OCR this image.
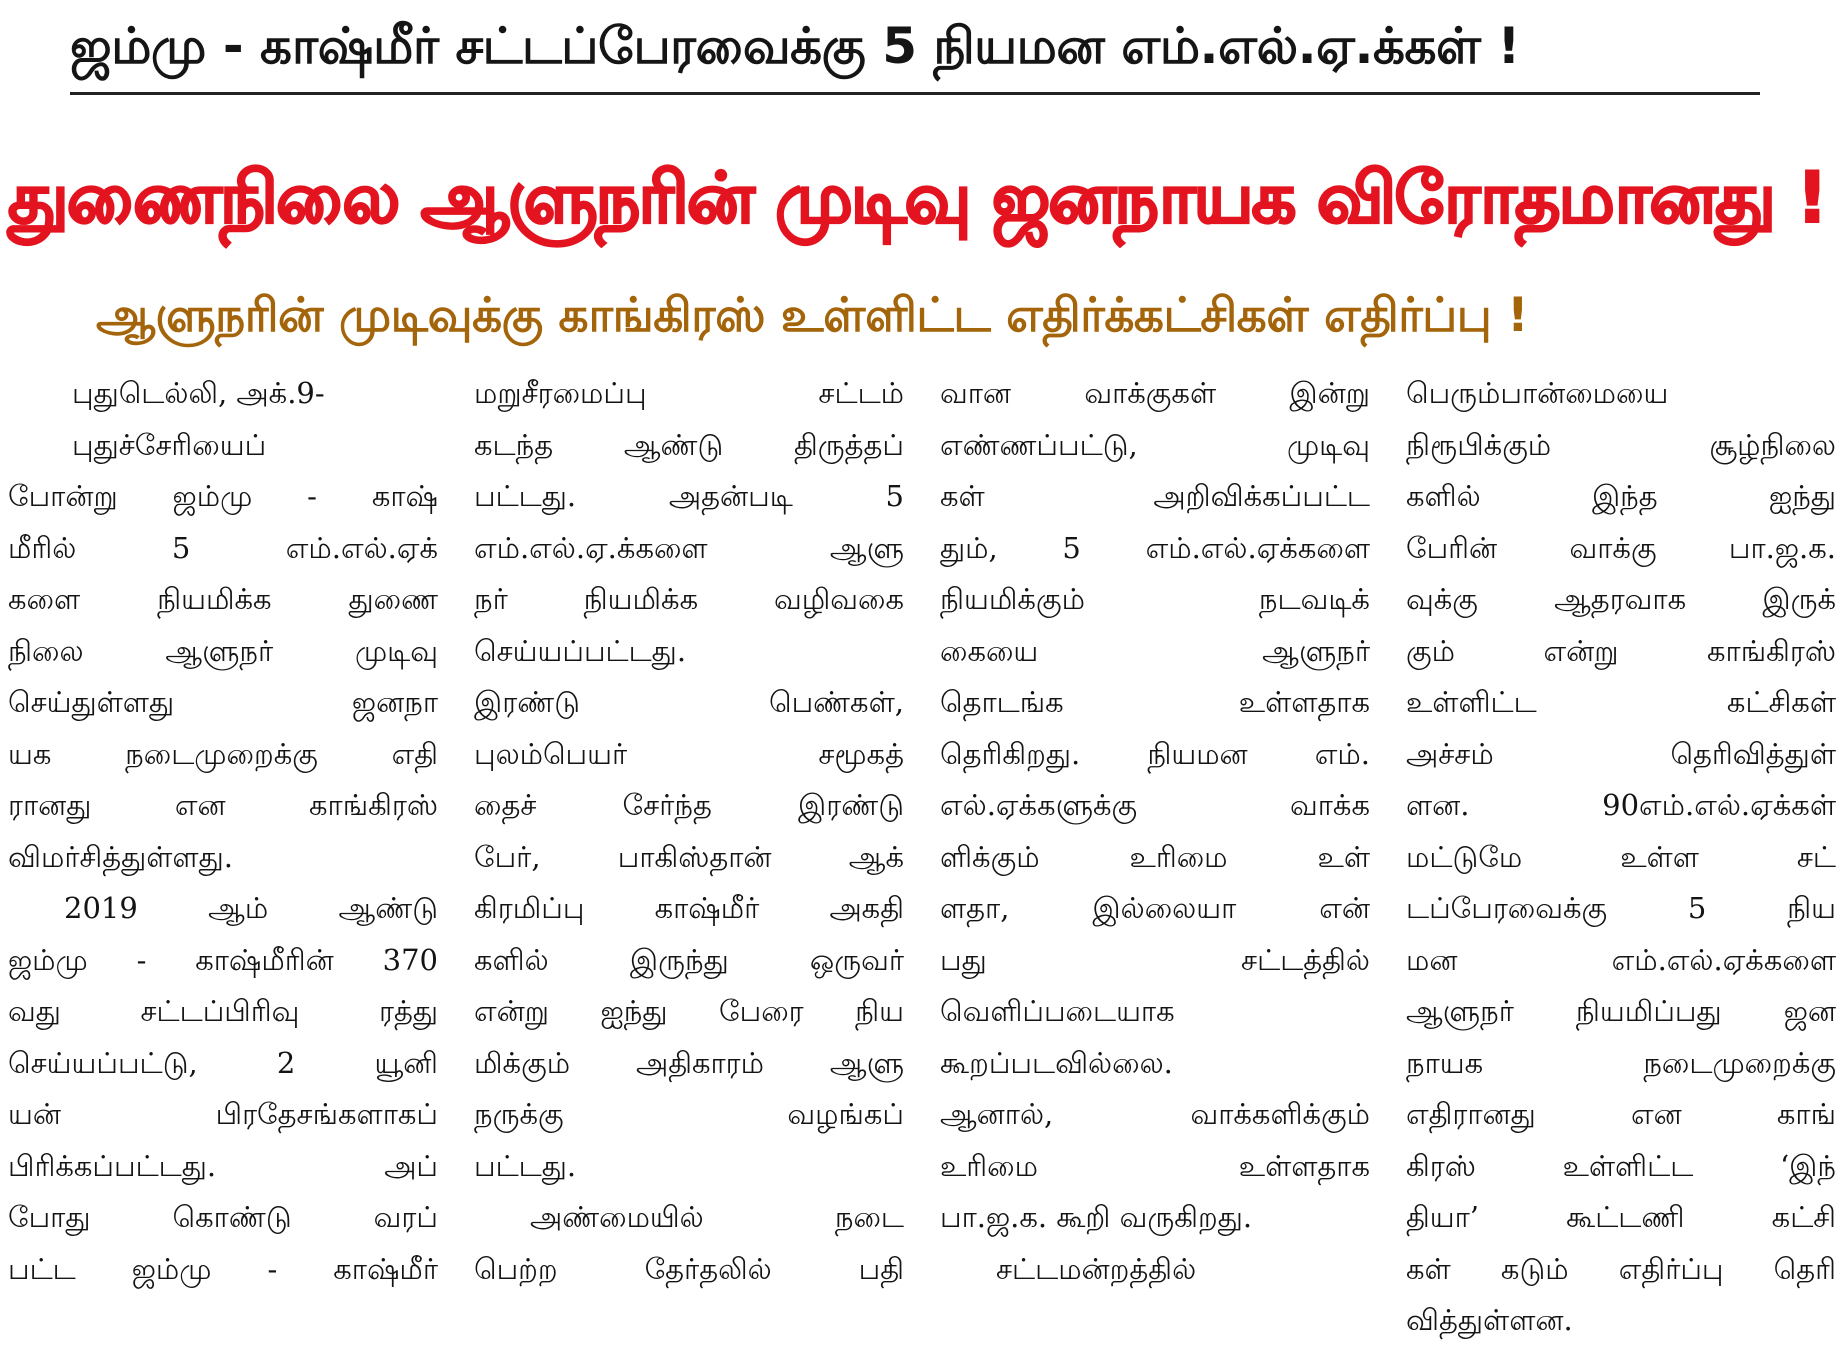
ஜம்மு - காஷ்மீர் சட்டப்பேரவைக்கு 5 நியமன எம்.எல்.ஏ.க்கள் !
துணைநிலை ஆளுநரின் முடிவு ஜனநாயக விரோதமானது !
ஆளுநரின் முடிவுக்கு காங்கிரஸ் உள்ளிட்ட எதிர்க்கட்சிகள் எதிர்ப்பு !
புதுடெல்லி, அக்.9-
புதுச்சேரியைப்
போன்று ஜம்மு - காஷ்
மீரில் 5 எம்.எல்.ஏக்
களை நியமிக்க துணை
நிலை ஆளுநர் முடிவு
செய்துள்ளது ஜனநா
யக நடைமுறைக்கு எதி
ரானது என காங்கிரஸ்
விமர்சித்துள்ளது.
2019 ஆம் ஆண்டு
ஜம்மு - காஷ்மீரின் 370
வது சட்டப்பிரிவு ரத்து
செய்யப்பட்டு, 2 யூனி
யன் பிரதேசங்களாகப்
பிரிக்கப்பட்டது. அப்
போது கொண்டு வரப்
பட்ட ஜம்மு - காஷ்மீர்
மறுசீரமைப்பு சட்டம்
கடந்த ஆண்டு திருத்தப்
பட்டது. அதன்படி 5
எம்.எல்.ஏ.க்களை ஆளு
நர் நியமிக்க வழிவகை
செய்யப்பட்டது.
இரண்டு பெண்கள்,
புலம்பெயர் சமூகத்
தைச் சேர்ந்த இரண்டு
பேர், பாகிஸ்தான் ஆக்
கிரமிப்பு காஷ்மீர் அகதி
களில் இருந்து ஒருவர்
என்று ஐந்து பேரை நிய
மிக்கும் அதிகாரம் ஆளு
நருக்கு வழங்கப்
பட்டது.
அண்மையில் நடை
பெற்ற தேர்தலில் பதி
வான வாக்குகள் இன்று
எண்ணப்பட்டு, முடிவு
கள் அறிவிக்கப்பட்ட
தும், 5 எம்.எல்.ஏக்களை
நியமிக்கும் நடவடிக்
கையை ஆளுநர்
தொடங்க உள்ளதாக
தெரிகிறது. நியமன எம்.
எல்.ஏக்களுக்கு வாக்க
ளிக்கும் உரிமை உள்
ளதா, இல்லையா என்
பது சட்டத்தில்
வெளிப்படையாக
கூறப்படவில்லை.
ஆனால், வாக்களிக்கும்
உரிமை உள்ளதாக
பா.ஜ.க. கூறி வருகிறது.
சட்டமன்றத்தில்
பெரும்பான்மையை
நிரூபிக்கும் சூழ்நிலை
களில் இந்த ஐந்து
பேரின் வாக்கு பா.ஜ.க.
வுக்கு ஆதரவாக இருக்
கும் என்று காங்கிரஸ்
உள்ளிட்ட கட்சிகள்
அச்சம் தெரிவித்துள்
ளன. 90எம்.எல்.ஏக்கள்
மட்டுமே உள்ள சட்
டப்பேரவைக்கு 5 நிய
மன எம்.எல்.ஏக்களை
ஆளுநர் நியமிப்பது ஜன
நாயக நடைமுறைக்கு
எதிரானது என காங்
கிரஸ் உள்ளிட்ட ‘இந்
தியா’ கூட்டணி கட்சி
கள் கடும் எதிர்ப்பு தெரி
வித்துள்ளன.
